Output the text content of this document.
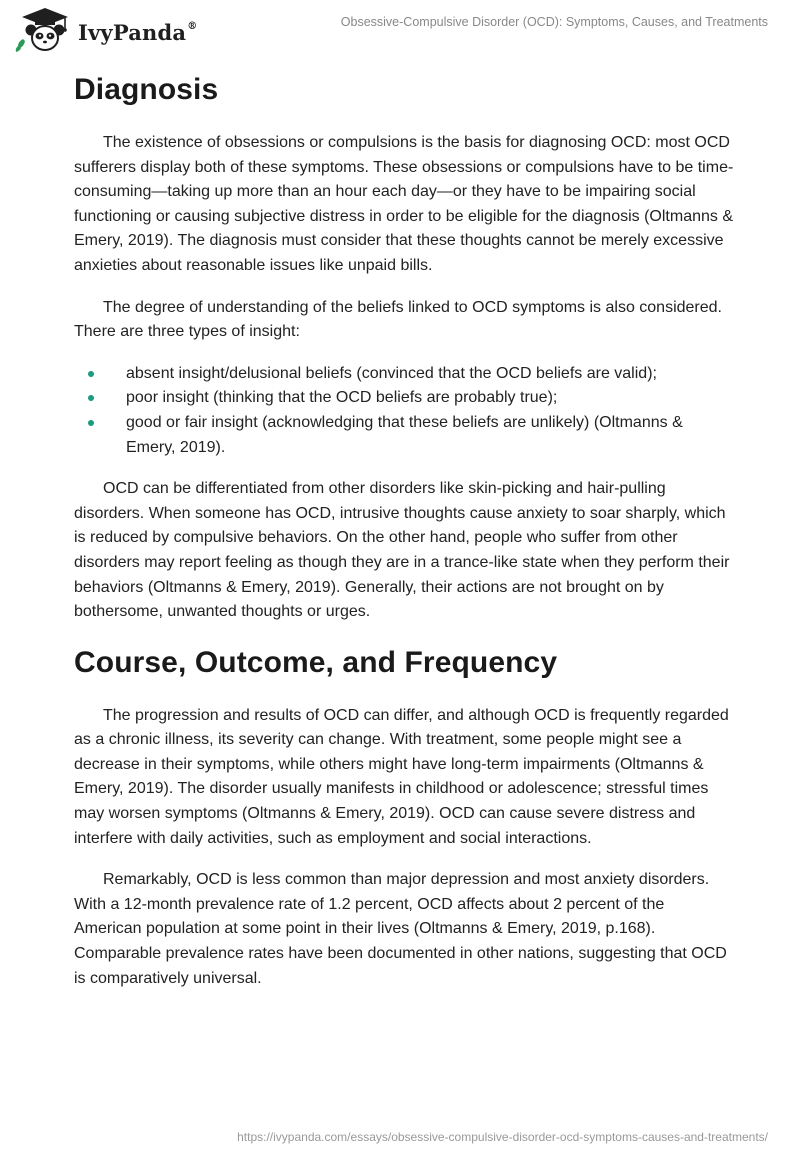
IvyPanda®	Obsessive-Compulsive Disorder (OCD): Symptoms, Causes, and Treatments
Diagnosis

The existence of obsessions or compulsions is the basis for diagnosing OCD: most OCD sufferers display both of these symptoms. These obsessions or compulsions have to be time-consuming—taking up more than an hour each day—or they have to be impairing social functioning or causing subjective distress in order to be eligible for the diagnosis (Oltmanns & Emery, 2019). The diagnosis must consider that these thoughts cannot be merely excessive anxieties about reasonable issues like unpaid bills.

The degree of understanding of the beliefs linked to OCD symptoms is also considered. There are three types of insight:

absent insight/delusional beliefs (convinced that the OCD beliefs are valid);
poor insight (thinking that the OCD beliefs are probably true);
good or fair insight (acknowledging that these beliefs are unlikely) (Oltmanns & Emery, 2019).

OCD can be differentiated from other disorders like skin-picking and hair-pulling disorders. When someone has OCD, intrusive thoughts cause anxiety to soar sharply, which is reduced by compulsive behaviors. On the other hand, people who suffer from other disorders may report feeling as though they are in a trance-like state when they perform their behaviors (Oltmanns & Emery, 2019). Generally, their actions are not brought on by bothersome, unwanted thoughts or urges.

Course, Outcome, and Frequency

The progression and results of OCD can differ, and although OCD is frequently regarded as a chronic illness, its severity can change. With treatment, some people might see a decrease in their symptoms, while others might have long-term impairments (Oltmanns & Emery, 2019). The disorder usually manifests in childhood or adolescence; stressful times may worsen symptoms (Oltmanns & Emery, 2019). OCD can cause severe distress and interfere with daily activities, such as employment and social interactions.

Remarkably, OCD is less common than major depression and most anxiety disorders. With a 12-month prevalence rate of 1.2 percent, OCD affects about 2 percent of the American population at some point in their lives (Oltmanns & Emery, 2019, p.168). Comparable prevalence rates have been documented in other nations, suggesting that OCD is comparatively universal.

https://ivypanda.com/essays/obsessive-compulsive-disorder-ocd-symptoms-causes-and-treatments/
